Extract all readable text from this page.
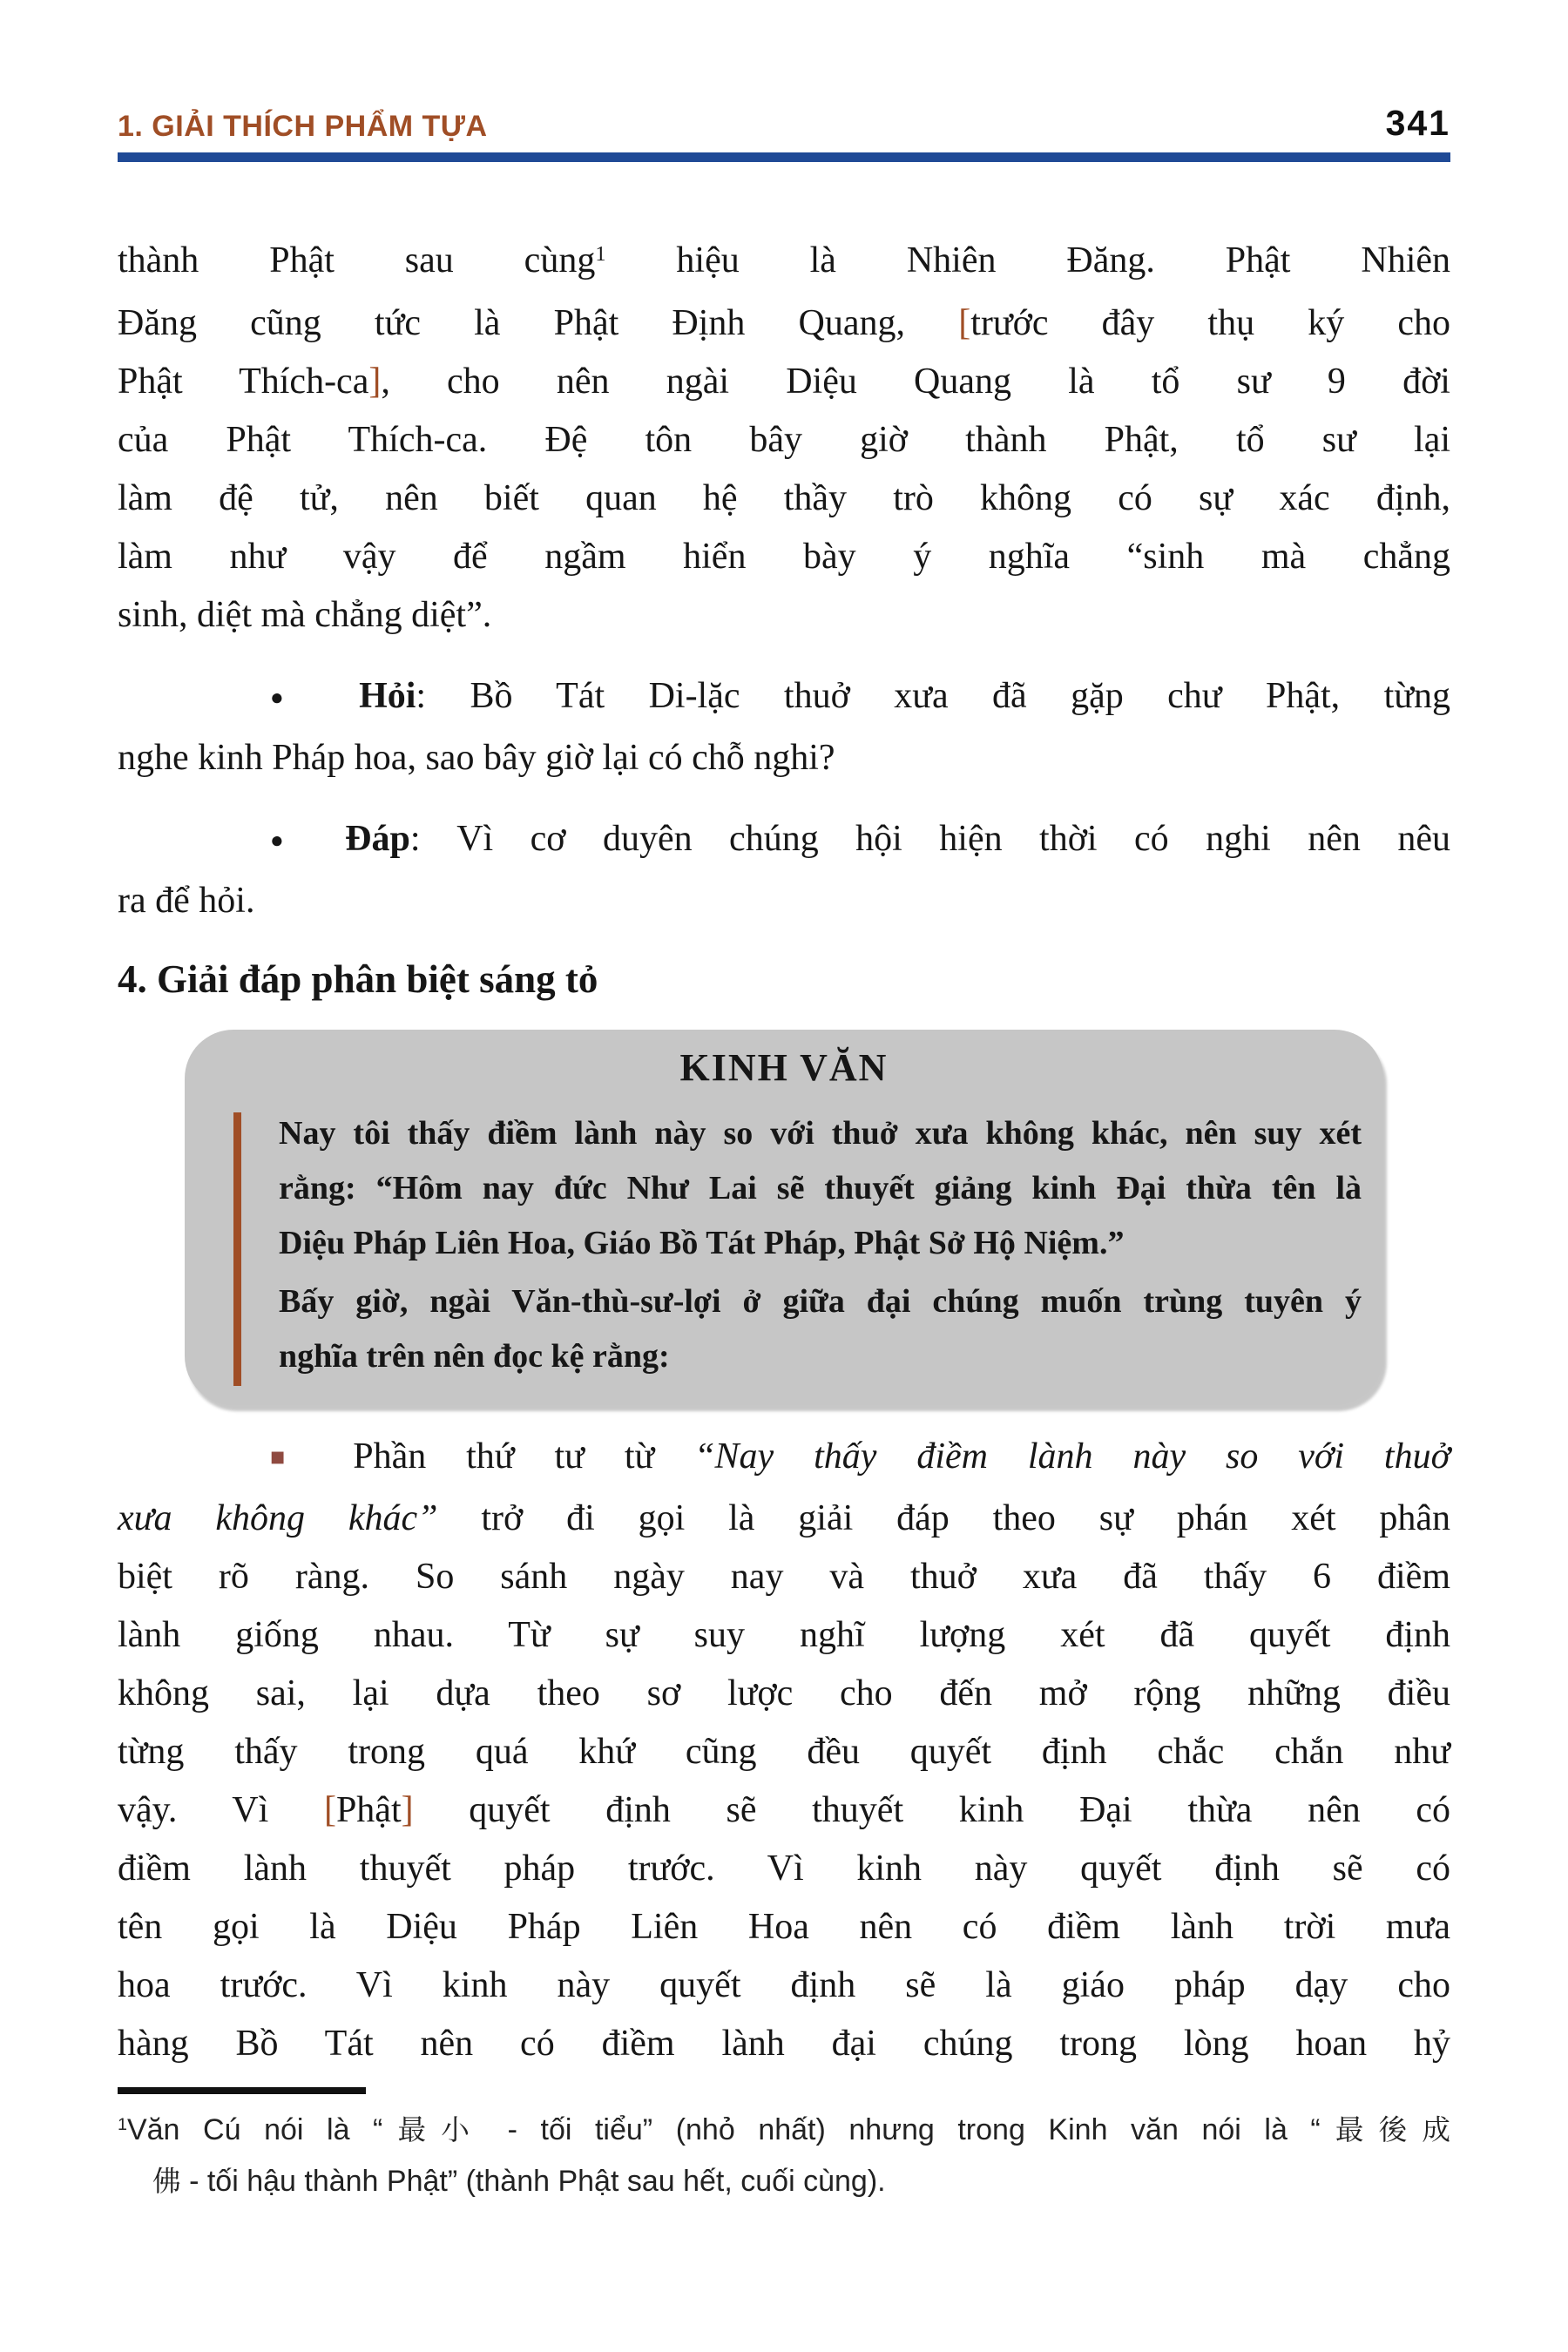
1. GIẢI THÍCH PHẨM TỰA	341
thành Phật sau cùng$^1$ hiệu là Nhiên Đăng. Phật Nhiên
Đăng cũng tức là Phật Định Quang, [trước đây thụ ký cho
Phật Thích-ca], cho nên ngài Diệu Quang là tổ sư 9 đời
của Phật Thích-ca. Đệ tôn bây giờ thành Phật, tổ sư lại
làm đệ tử, nên biết quan hệ thầy trò không có sự xác định,
làm như vậy để ngầm hiển bày ý nghĩa “sinh mà chẳng
sinh, diệt mà chẳng diệt”.
● Hỏi: Bồ Tát Di-lặc thuở xưa đã gặp chư Phật, từng
nghe kinh Pháp hoa, sao bây giờ lại có chỗ nghi?
● Đáp: Vì cơ duyên chúng hội hiện thời có nghi nên nêu
ra để hỏi.
4. Giải đáp phân biệt sáng tỏ
KINH VĂN
Nay tôi thấy điềm lành này so với thuở xưa không khác, nên suy xét
rằng: “Hôm nay đức Như Lai sẽ thuyết giảng kinh Đại thừa tên là
Diệu Pháp Liên Hoa, Giáo Bồ Tát Pháp, Phật Sở Hộ Niệm.”
Bấy giờ, ngài Văn-thù-sư-lợi ở giữa đại chúng muốn trùng tuyên ý
nghĩa trên nên đọc kệ rằng:
■ Phần thứ tư từ “Nay thấy điềm lành này so với thuở
xưa không khác” trở đi gọi là giải đáp theo sự phán xét phân
biệt rõ ràng. So sánh ngày nay và thuở xưa đã thấy 6 điềm
lành giống nhau. Từ sự suy nghĩ lượng xét đã quyết định
không sai, lại dựa theo sơ lược cho đến mở rộng những điều
từng thấy trong quá khứ cũng đều quyết định chắc chắn như
vậy. Vì [Phật] quyết định sẽ thuyết kinh Đại thừa nên có
điềm lành thuyết pháp trước. Vì kinh này quyết định sẽ có
tên gọi là Diệu Pháp Liên Hoa nên có điềm lành trời mưa
hoa trước. Vì kinh này quyết định sẽ là giáo pháp dạy cho
hàng Bồ Tát nên có điềm lành đại chúng trong lòng hoan hỷ
$^1$Văn Cú nói là “最小 - tối tiểu” (nhỏ nhất) nhưng trong Kinh văn nói là “最後成
佛 - tối hậu thành Phật” (thành Phật sau hết, cuối cùng).
